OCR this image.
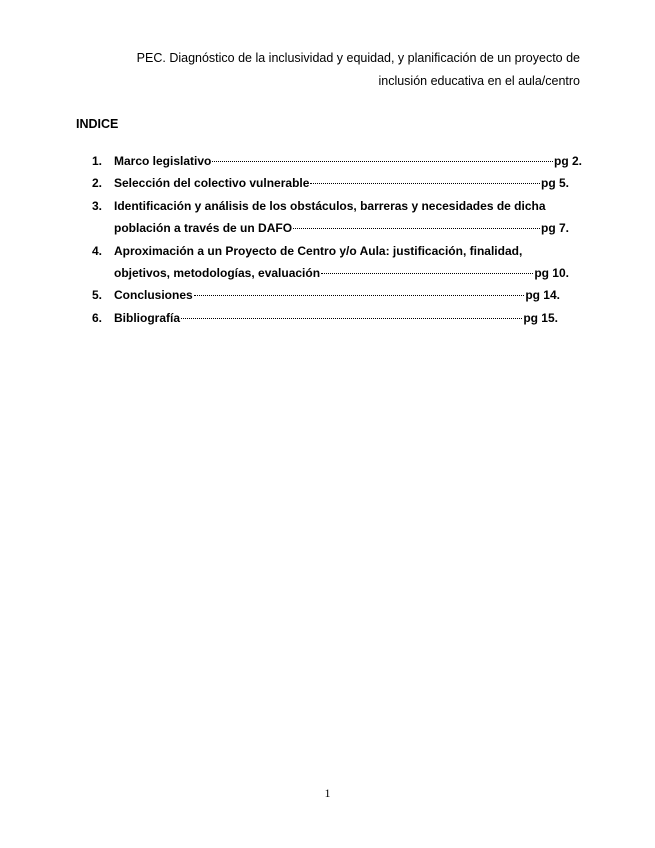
PEC. Diagnóstico de la inclusividad y equidad, y planificación de un proyecto de
inclusión educativa en el aula/centro
INDICE
1. Marco legislativo	pg 2.
2. Selección del colectivo vulnerable	pg 5.
3. Identificación y análisis de los obstáculos, barreras y necesidades de dicha
población a través de un DAFO	pg 7.
4. Aproximación a un Proyecto de Centro y/o Aula: justificación, finalidad,
objetivos, metodologías, evaluación	pg 10.
5. Conclusiones	pg 14.
6. Bibliografía	pg 15.
1
